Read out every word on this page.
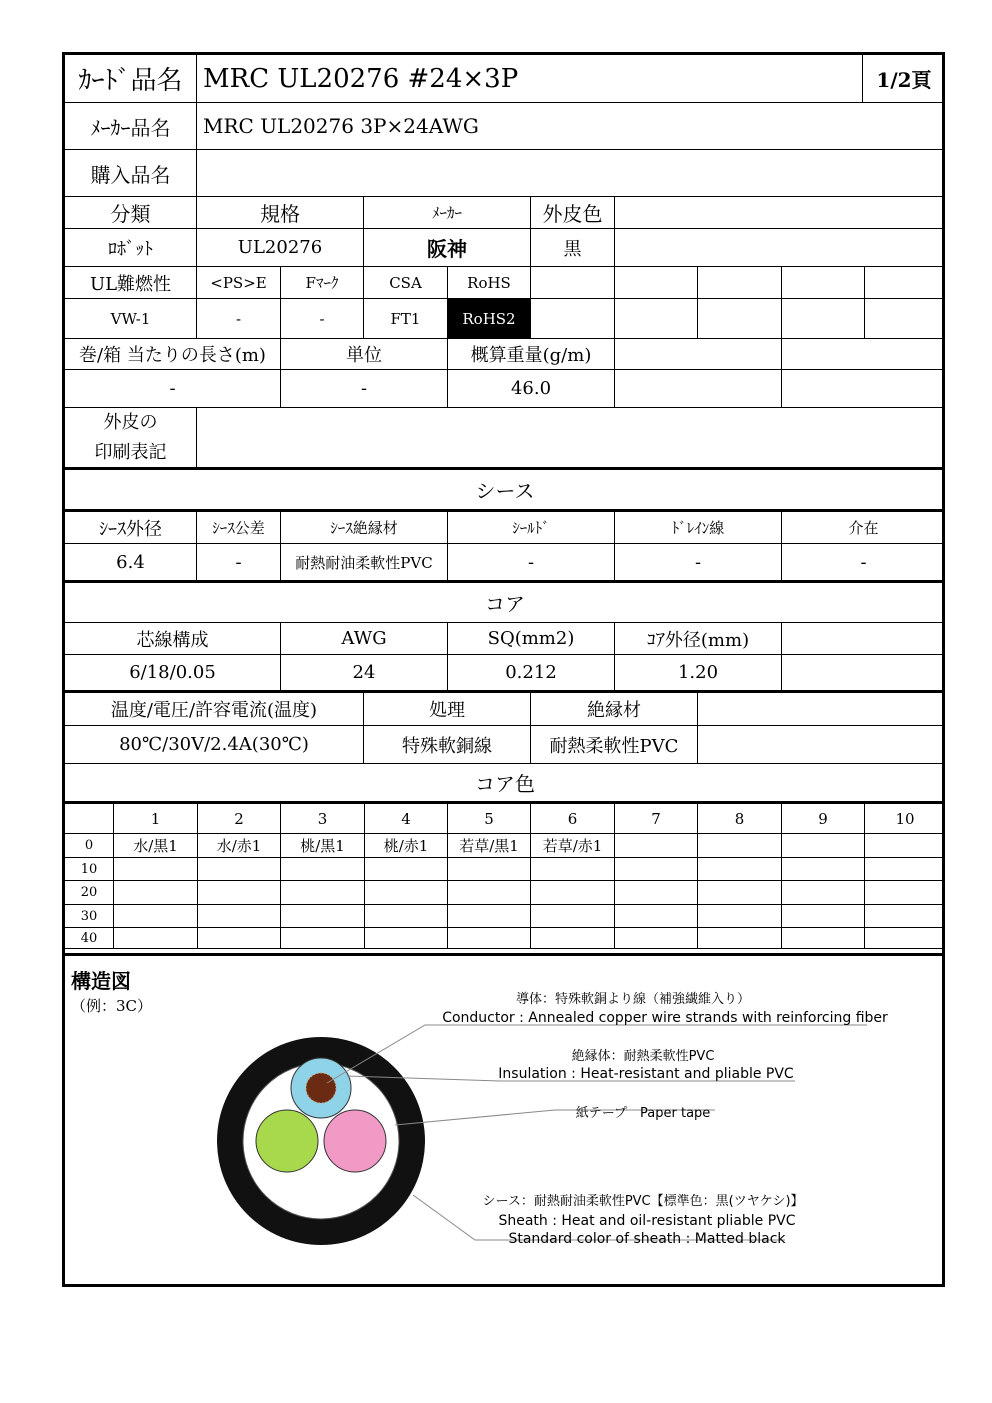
ｶｰﾄﾞ品名 MRC UL20276 #24×3P	1/2頁
ﾒｰｶｰ品名	MRC UL20276 3P×24AWG
購入品名
分類	規格	ﾒｰｶｰ	外皮色
ﾛﾎﾞｯﾄ	UL20276	阪神	黒
UL難燃性	<PS>E	Fﾏｰｸ	CSA	RoHS
VW-1	-	-	FT1	RoHS2
巻/箱 当たりの長さ(m)	単位	概算重量(g/m)
-	-	46.0
外皮の
印刷表記
シース
ｼｰｽ外径	ｼｰｽ公差	ｼｰｽ絶縁材	ｼｰﾙﾄﾞ	ﾄﾞﾚｲﾝ線	介在
6.4	-	耐熱耐油柔軟性PVC	-	-	-
コア
芯線構成	AWG	SQ(mm2)	ｺｱ外径(mm)
6/18/0.05	24	0.212	1.20
温度/電圧/許容電流(温度)	処理	絶縁材
80℃/30V/2.4A(30℃)	特殊軟銅線	耐熱柔軟性PVC
コア色
1	2	3	4	5	6	7	8	9	10
0	水/黒1	水/赤1	桃/黒1	桃/赤1	若草/黒1	若草/赤1
10
20
30
40
構造図
（例：3C）	導体：特殊軟銅より線（補強繊維入り）
Conductor : Annealed copper wire strands with reinforcing fiber
絶縁体：耐熱柔軟性PVC
Insulation : Heat-resistant and pliable PVC
紙テープ　Paper tape
シース：耐熱耐油柔軟性PVC【標準色：黒(ツヤケシ)】
Sheath : Heat and oil-resistant pliable PVC
Standard color of sheath : Matted black
